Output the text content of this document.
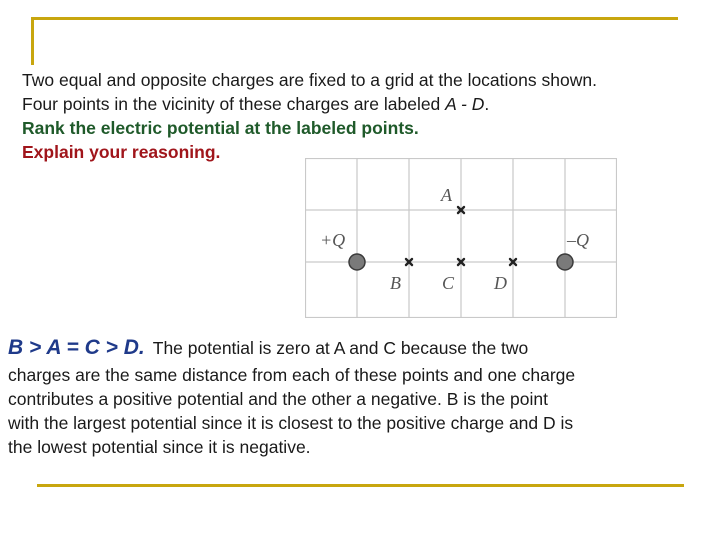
Two equal and opposite charges are fixed to a grid at the locations shown.
Four points in the vicinity of these charges are labeled A - D.
Rank the electric potential at the labeled points.
Explain your reasoning.
+Q	–Q
A
B C D
B > A = C > D. The potential is zero at A and C because the two
charges are the same distance from each of these points and one charge
contributes a positive potential and the other a negative. B is the point
with the largest potential since it is closest to the positive charge and D is
the lowest potential since it is negative.
